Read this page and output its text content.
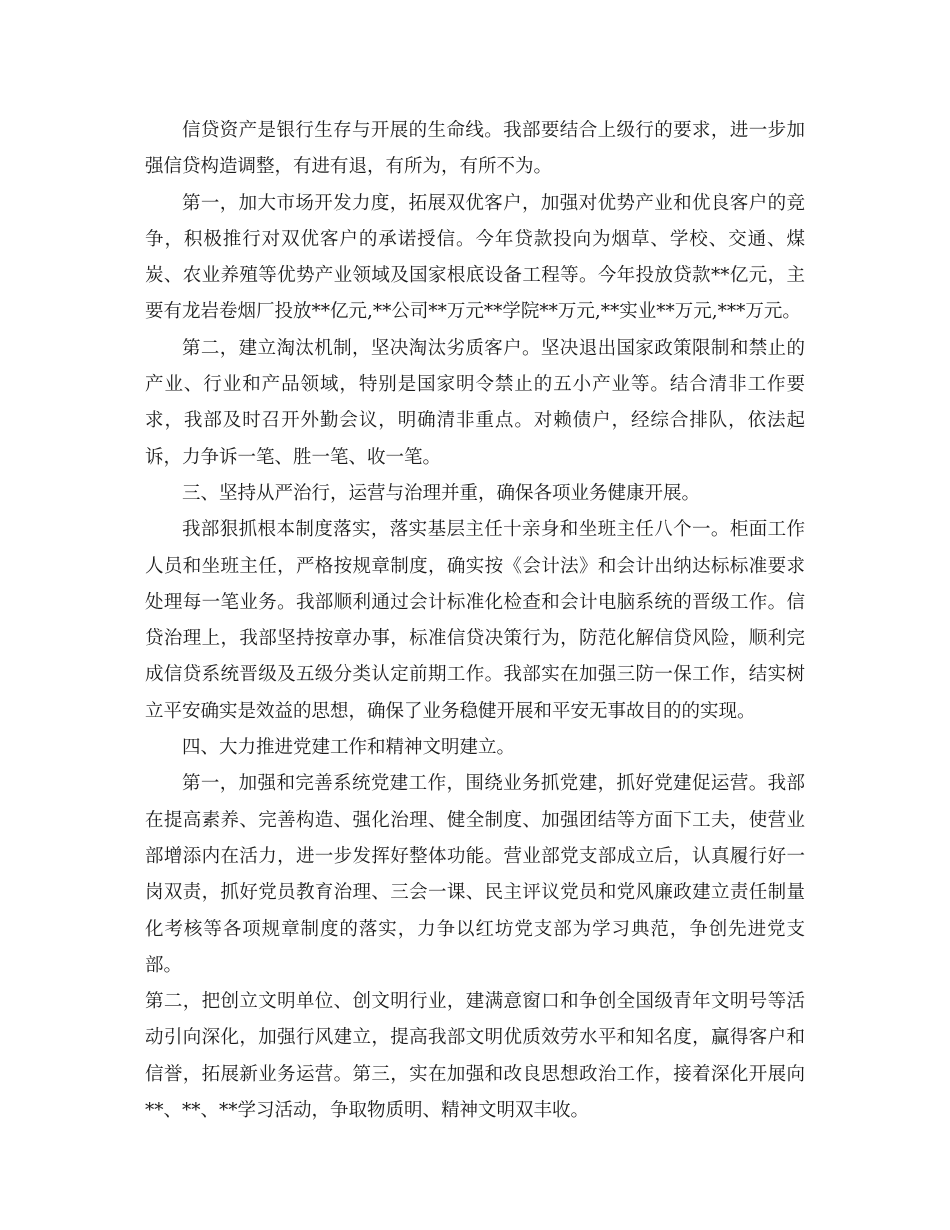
信贷资产是银行生存与开展的生命线。我部要结合上级行的要求，进一步加强信贷构造调整，有进有退，有所为，有所不为。

第一，加大市场开发力度，拓展双优客户，加强对优势产业和优良客户的竞争，积极推行对双优客户的承诺授信。今年贷款投向为烟草、学校、交通、煤炭、农业养殖等优势产业领域及国家根底设备工程等。今年投放贷款**亿元，主要有龙岩卷烟厂投放**亿元,**公司**万元**学院**万元,**实业**万元,***万元。

第二，建立淘汰机制，坚决淘汰劣质客户。坚决退出国家政策限制和禁止的产业、行业和产品领域，特别是国家明令禁止的五小产业等。结合清非工作要求，我部及时召开外勤会议，明确清非重点。对赖债户，经综合排队，依法起诉，力争诉一笔、胜一笔、收一笔。

三、坚持从严治行，运营与治理并重，确保各项业务健康开展。

我部狠抓根本制度落实，落实基层主任十亲身和坐班主任八个一。柜面工作人员和坐班主任，严格按规章制度，确实按《会计法》和会计出纳达标标准要求处理每一笔业务。我部顺利通过会计标准化检查和会计电脑系统的晋级工作。信贷治理上，我部坚持按章办事，标准信贷决策行为，防范化解信贷风险，顺利完成信贷系统晋级及五级分类认定前期工作。我部实在加强三防一保工作，结实树立平安确实是效益的思想，确保了业务稳健开展和平安无事故目的的实现。

四、大力推进党建工作和精神文明建立。

第一，加强和完善系统党建工作，围绕业务抓党建，抓好党建促运营。我部在提高素养、完善构造、强化治理、健全制度、加强团结等方面下工夫，使营业部增添内在活力，进一步发挥好整体功能。营业部党支部成立后，认真履行好一岗双责，抓好党员教育治理、三会一课、民主评议党员和党风廉政建立责任制量化考核等各项规章制度的落实，力争以红坊党支部为学习典范，争创先进党支部。

第二，把创立文明单位、创文明行业，建满意窗口和争创全国级青年文明号等活动引向深化，加强行风建立，提高我部文明优质效劳水平和知名度，赢得客户和信誉，拓展新业务运营。第三，实在加强和改良思想政治工作，接着深化开展向**、**、**学习活动，争取物质明、精神文明双丰收。
